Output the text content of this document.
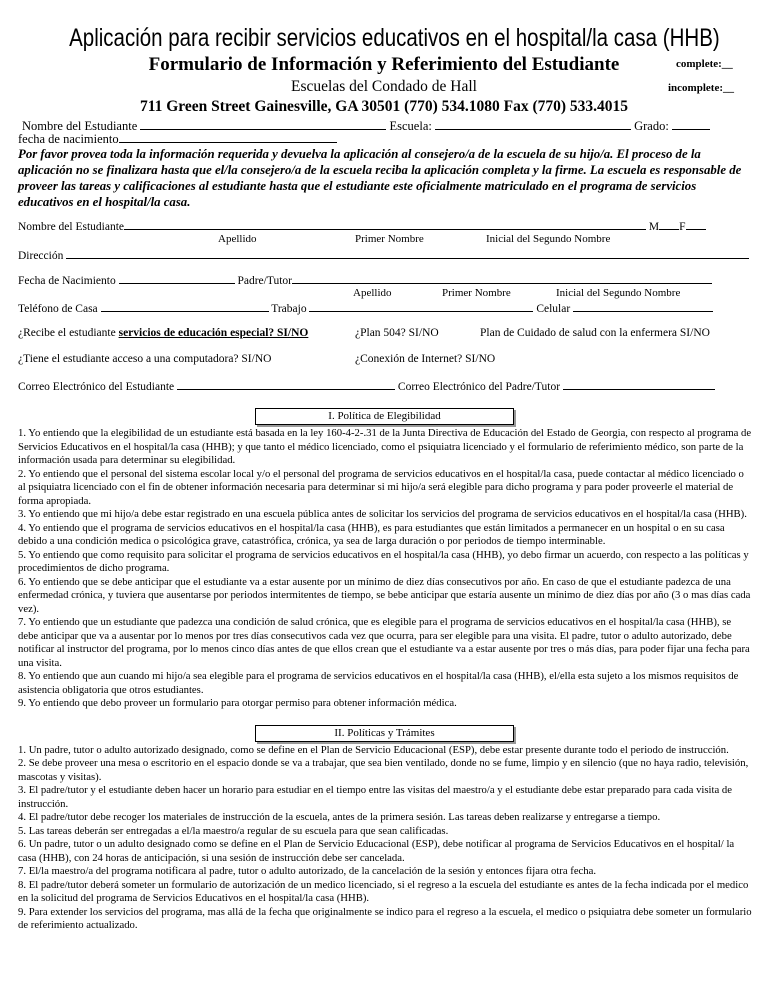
Aplicación para recibir servicios educativos en el hospital/la casa (HHB)
Formulario de Información y Referimiento del Estudiante
Escuelas del Condado de Hall
711 Green Street Gainesville, GA 30501 (770) 534.1080 Fax (770) 533.4015
complete:__
incomplete:__
Nombre del Estudiante	Escuela:	Grado:
fecha de nacimiento
Por favor provea toda la información requerida y devuelva la aplicación al consejero/a de la escuela de su hijo/a. El proceso de la aplicación no se finalizara hasta que el/la consejero/a de la escuela reciba la aplicación completa y la firme. La escuela es responsable de proveer las tareas y calificaciones al estudiante hasta que el estudiante este oficialmente matriculado en el programa de servicios educativos en el hospital/la casa.
Nombre del Estudiante	M F
Apellido	Primer Nombre	Inicial del Segundo Nombre
Dirección
Fecha de Nacimiento	Padre/Tutor
Apellido	Primer Nombre	Inicial del Segundo Nombre
Teléfono de Casa	Trabajo	Celular
¿Recibe el estudiante servicios de educación especial? SI/NO	¿Plan 504? SI/NO	Plan de Cuidado de salud con la enfermera SI/NO
¿Tiene el estudiante acceso a una computadora? SI/NO	¿Conexión de Internet? SI/NO
Correo Electrónico del Estudiante	Correo Electrónico del Padre/Tutor
I. Política de Elegibilidad

1. Yo entiendo que la elegibilidad de un estudiante está basada en la ley 160-4-2-.31 de la Junta Directiva de Educación del Estado de Georgia, con respecto al programa de Servicios Educativos en el hospital/la casa (HHB); y que tanto el médico licenciado, como el psiquiatra licenciado y el formulario de referimiento médico, son parte de la información usada para determinar su elegibilidad.

2. Yo entiendo que el personal del sistema escolar local y/o el personal del programa de servicios educativos en el hospital/la casa, puede contactar al médico licenciado o al psiquiatra licenciado con el fin de obtener información necesaria para determinar si mi hijo/a será elegible para dicho programa y para poder proveerle el material de forma apropiada.

3. Yo entiendo que mi hijo/a debe estar registrado en una escuela pública antes de solicitar los servicios del programa de servicios educativos en el hospital/la casa (HHB).

4. Yo entiendo que el programa de servicios educativos en el hospital/la casa (HHB), es para estudiantes que están limitados a permanecer en un hospital o en su casa debido a una condición medica o psicológica grave, catastrófica, crónica, ya sea de larga duración o por periodos de tiempo interminable.

5. Yo entiendo que como requisito para solicitar el programa de servicios educativos en el hospital/la casa (HHB), yo debo firmar un acuerdo, con respecto a las políticas y procedimientos de dicho programa.

6. Yo entiendo que se debe anticipar que el estudiante va a estar ausente por un mínimo de diez días consecutivos por año. En caso de que el estudiante padezca de una enfermedad crónica, y tuviera que ausentarse por periodos intermitentes de tiempo, se bebe anticipar que estaría ausente un mínimo de diez días por año (3 o mas días cada vez).

7. Yo entiendo que un estudiante que padezca una condición de salud crónica, que es elegible para el programa de servicios educativos en el hospital/la casa (HHB), se debe anticipar que va a ausentar por lo menos por tres días consecutivos cada vez que ocurra, para ser elegible para una visita. El padre, tutor o adulto autorizado, debe notificar al instructor del programa, por lo menos cinco días antes de que ellos crean que el estudiante va a estar ausente por tres o más días, para poder fijar una fecha para una visita.

8. Yo entiendo que aun cuando mi hijo/a sea elegible para el programa de servicios educativos en el hospital/la casa (HHB), el/ella esta sujeto a los mismos requisitos de asistencia obligatoria que otros estudiantes.

9. Yo entiendo que debo proveer un formulario para otorgar permiso para obtener información médica.

II. Políticas y Trámites

1. Un padre, tutor o adulto autorizado designado, como se define en el Plan de Servicio Educacional (ESP), debe estar presente durante todo el periodo de instrucción.

2. Se debe proveer una mesa o escritorio en el espacio donde se va a trabajar, que sea bien ventilado, donde no se fume, limpio y en silencio (que no haya radio, televisión, mascotas y visitas).

3. El padre/tutor y el estudiante deben hacer un horario para estudiar en el tiempo entre las visitas del maestro/a y el estudiante debe estar preparado para cada visita de instrucción.

4. El padre/tutor debe recoger los materiales de instrucción de la escuela, antes de la primera sesión. Las tareas deben realizarse y entregarse a tiempo.

5. Las tareas deberán ser entregadas a el/la maestro/a regular de su escuela para que sean calificadas.

6. Un padre, tutor o un adulto designado como se define en el Plan de Servicio Educacional (ESP), debe notificar al programa de Servicios Educativos en el hospital/ la casa (HHB), con 24 horas de anticipación, si una sesión de instrucción debe ser cancelada.

7. El/la maestro/a del programa notificara al padre, tutor o adulto autorizado, de la cancelación de la sesión y entonces fijara otra fecha.

8. El padre/tutor deberá someter un formulario de autorización de un medico licenciado, si el regreso a la escuela del estudiante es antes de la fecha indicada por el medico en la solicitud del programa de Servicios Educativos en el hospital/la casa (HHB).

9. Para extender los servicios del programa, mas allá de la fecha que originalmente se indico para el regreso a la escuela, el medico o psiquiatra debe someter un formulario de referimiento actualizado.
